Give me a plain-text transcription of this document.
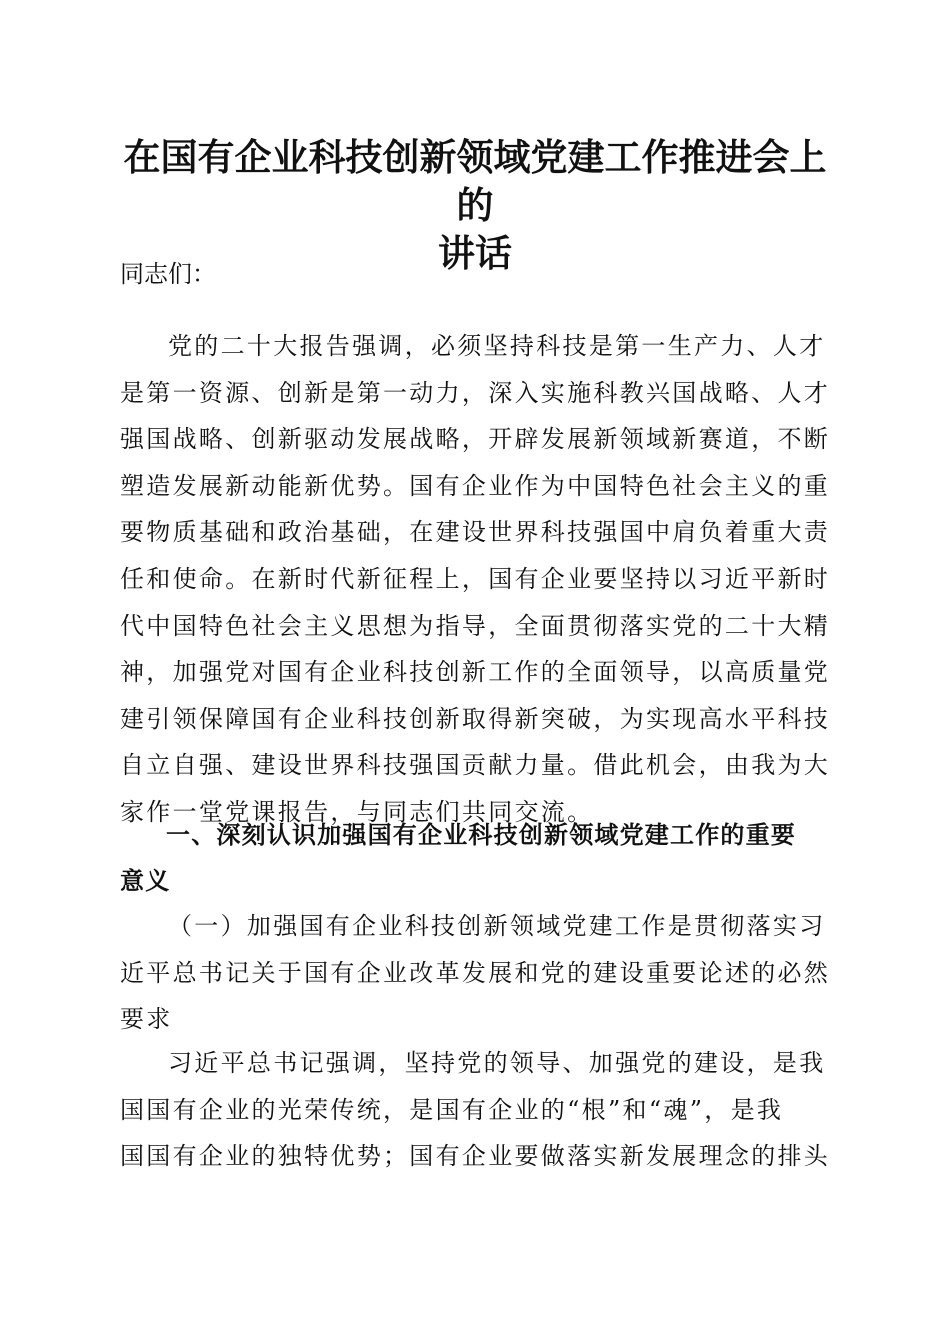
在国有企业科技创新领域党建工作推进会上的
讲话

同志们：

党的二十大报告强调，必须坚持科技是第一生产力、人才
是第一资源、创新是第一动力，深入实施科教兴国战略、人才
强国战略、创新驱动发展战略，开辟发展新领域新赛道，不断
塑造发展新动能新优势。国有企业作为中国特色社会主义的重
要物质基础和政治基础，在建设世界科技强国中肩负着重大责
任和使命。在新时代新征程上，国有企业要坚持以习近平新时
代中国特色社会主义思想为指导，全面贯彻落实党的二十大精
神，加强党对国有企业科技创新工作的全面领导，以高质量党
建引领保障国有企业科技创新取得新突破，为实现高水平科技
自立自强、建设世界科技强国贡献力量。借此机会，由我为大
家作一堂党课报告，与同志们共同交流。

一、深刻认识加强国有企业科技创新领域党建工作的重要
意义
（一）加强国有企业科技创新领域党建工作是贯彻落实习
近平总书记关于国有企业改革发展和党的建设重要论述的必然
要求

习近平总书记强调，坚持党的领导、加强党的建设，是我
国国有企业的光荣传统，是国有企业的“根”和“魂”，是我
国国有企业的独特优势；国有企业要做落实新发展理念的排头
